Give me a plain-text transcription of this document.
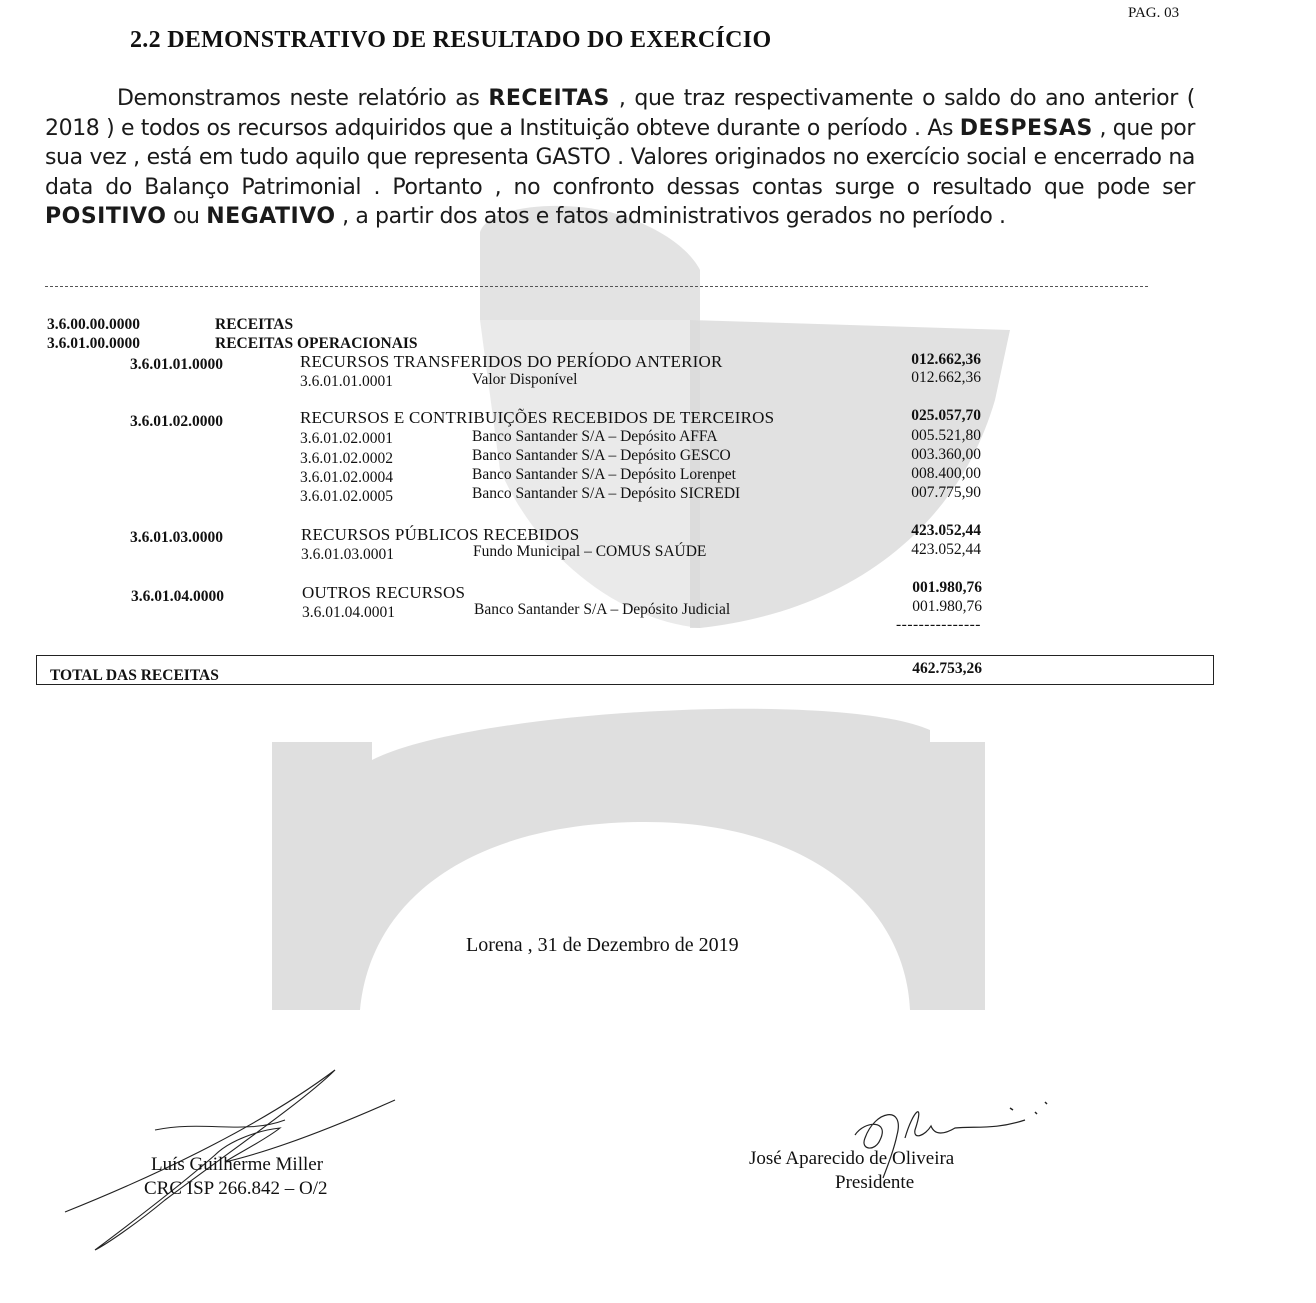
PAG. 03
2.2 DEMONSTRATIVO DE RESULTADO DO EXERCÍCIO
Demonstramos neste relatório as RECEITAS , que traz respectivamente o saldo do ano anterior ( 2018 ) e todos os recursos adquiridos que a Instituição obteve durante o período . As DESPESAS , que por sua vez , está em tudo aquilo que representa GASTO . Valores originados no exercício social e encerrado na data do Balanço Patrimonial . Portanto , no confronto dessas contas surge o resultado que pode ser POSITIVO ou NEGATIVO , a partir dos atos e fatos administrativos gerados no período .
3.6.00.00.0000	RECEITAS
3.6.01.00.0000	RECEITAS OPERACIONAIS
3.6.01.01.0000	RECURSOS TRANSFERIDOS DO PERÍODO ANTERIOR	012.662,36
3.6.01.01.0001	Valor Disponível	012.662,36
3.6.01.02.0000	RECURSOS E CONTRIBUIÇÕES RECEBIDOS DE TERCEIROS	025.057,70
3.6.01.02.0001	Banco Santander S/A – Depósito AFFA	005.521,80
3.6.01.02.0002	Banco Santander S/A – Depósito GESCO	003.360,00
3.6.01.02.0004	Banco Santander S/A – Depósito Lorenpet	008.400,00
3.6.01.02.0005	Banco Santander S/A – Depósito SICREDI	007.775,90
3.6.01.03.0000	RECURSOS PÚBLICOS RECEBIDOS	423.052,44
3.6.01.03.0001	Fundo Municipal – COMUS SAÚDE	423.052,44
3.6.01.04.0000	OUTROS RECURSOS	001.980,76
3.6.01.04.0001	Banco Santander S/A – Depósito Judicial	001.980,76
---------------
TOTAL DAS RECEITAS	462.753,26
Lorena , 31 de Dezembro de 2019
Luís Guilherme Miller
CRC ISP 266.842 – O/2
José Aparecido de Oliveira
Presidente
